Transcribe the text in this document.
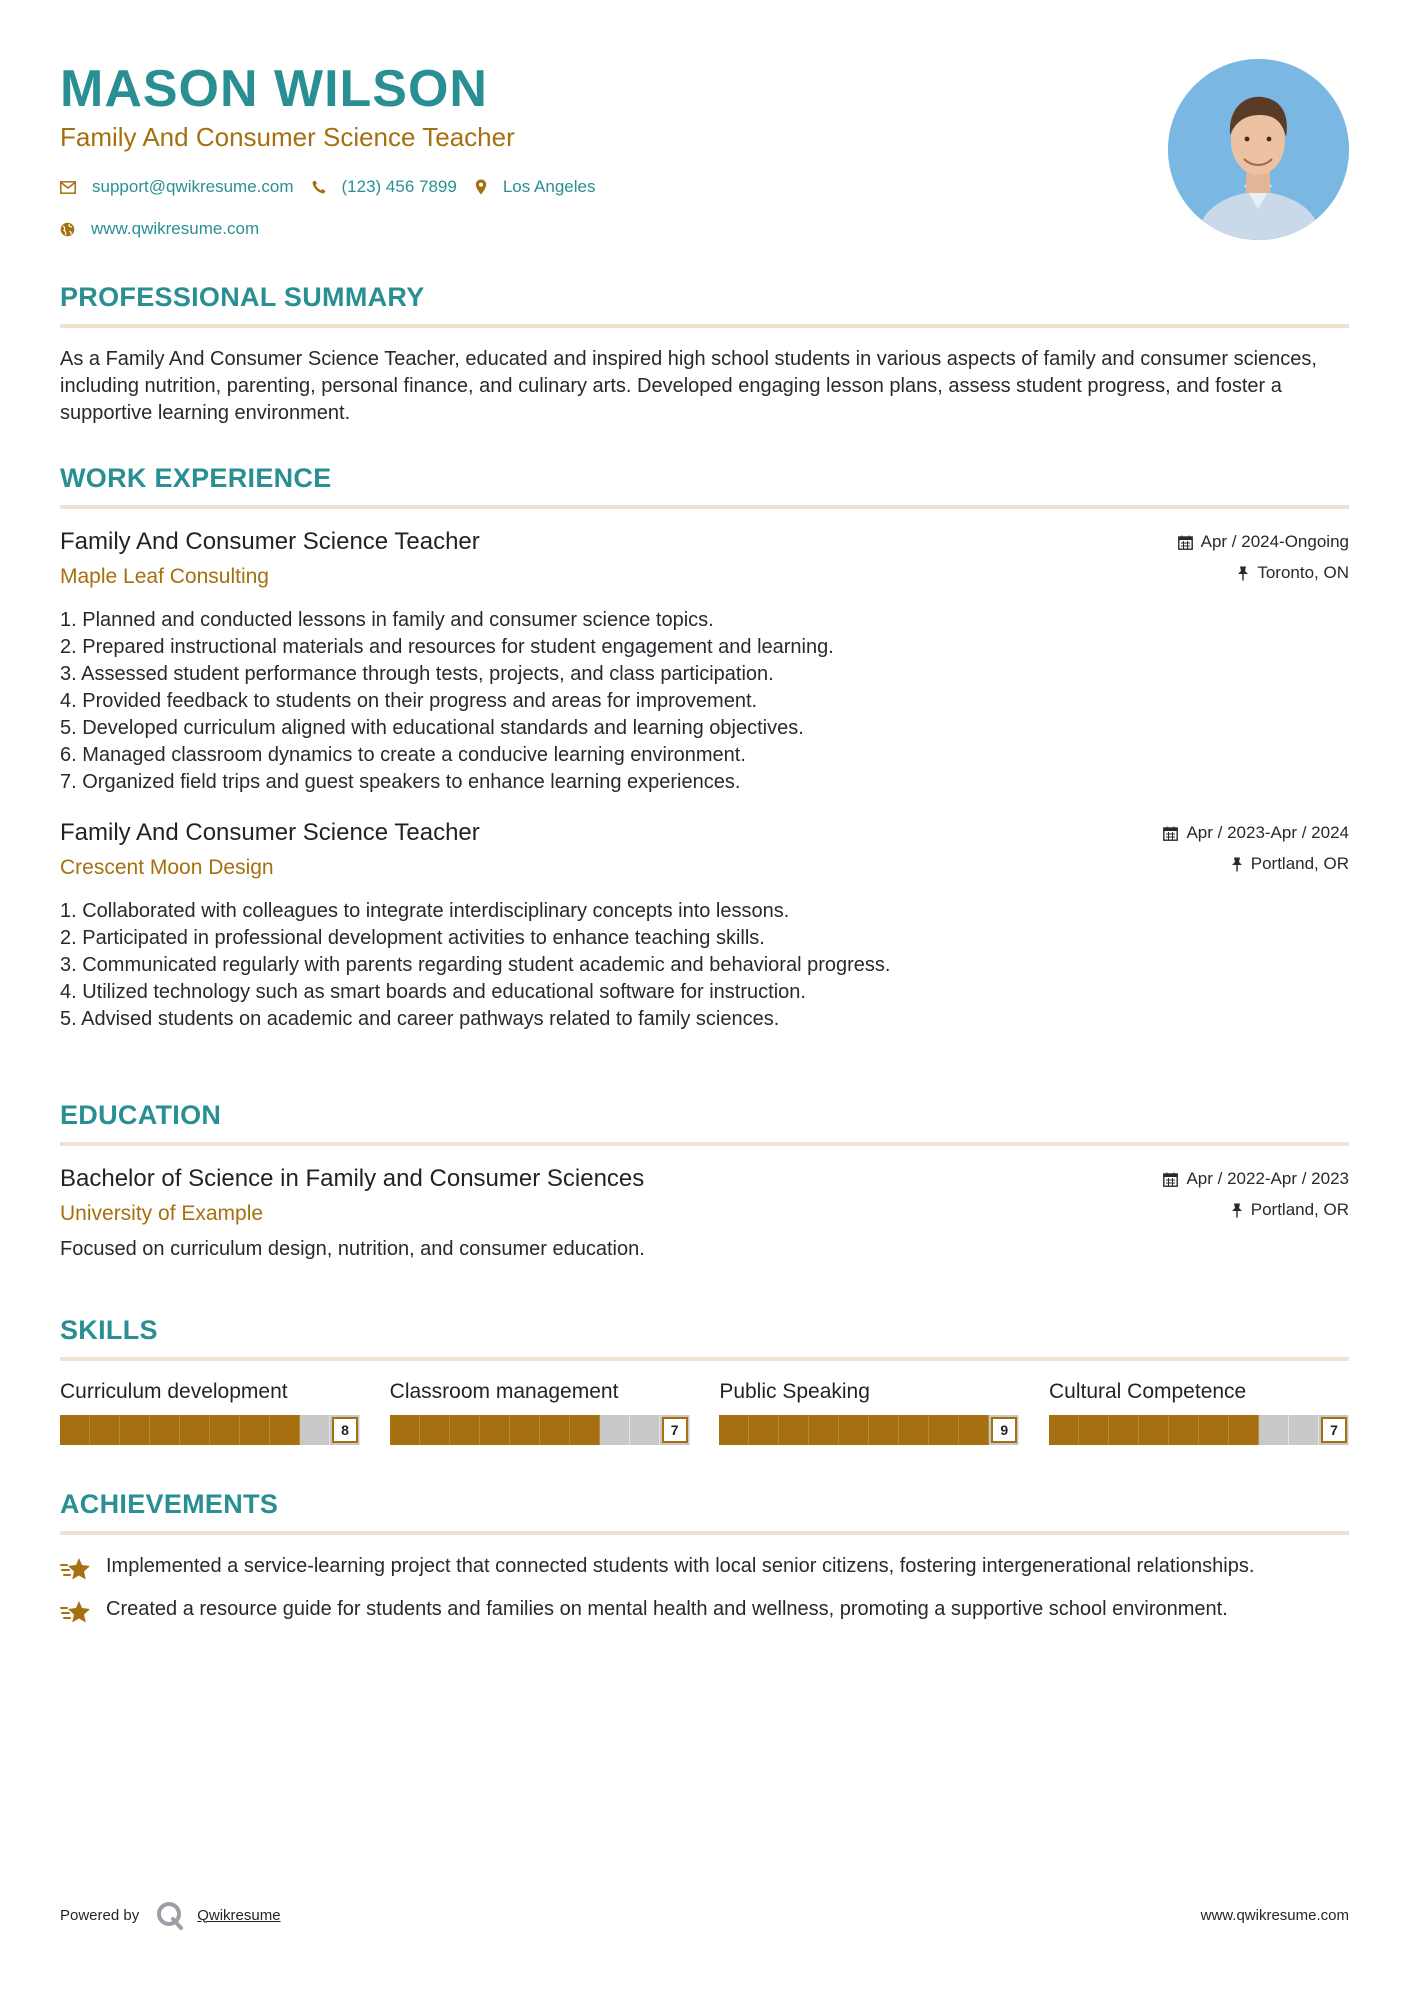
MASON WILSON
Family And Consumer Science Teacher
support@qwikresume.com	(123) 456 7899	Los Angeles
www.qwikresume.com
PROFESSIONAL SUMMARY
As a Family And Consumer Science Teacher, educated and inspired high school students in various aspects of family and consumer sciences, including nutrition, parenting, personal finance, and culinary arts. Developed engaging lesson plans, assess student progress, and foster a supportive learning environment.
WORK EXPERIENCE
Family And Consumer Science Teacher
Maple Leaf Consulting
Apr / 2024-Ongoing
Toronto, ON
1. Planned and conducted lessons in family and consumer science topics.
2. Prepared instructional materials and resources for student engagement and learning.
3. Assessed student performance through tests, projects, and class participation.
4. Provided feedback to students on their progress and areas for improvement.
5. Developed curriculum aligned with educational standards and learning objectives.
6. Managed classroom dynamics to create a conducive learning environment.
7. Organized field trips and guest speakers to enhance learning experiences.
Family And Consumer Science Teacher
Crescent Moon Design
Apr / 2023-Apr / 2024
Portland, OR
1. Collaborated with colleagues to integrate interdisciplinary concepts into lessons.
2. Participated in professional development activities to enhance teaching skills.
3. Communicated regularly with parents regarding student academic and behavioral progress.
4. Utilized technology such as smart boards and educational software for instruction.
5. Advised students on academic and career pathways related to family sciences.
EDUCATION
Bachelor of Science in Family and Consumer Sciences
University of Example
Apr / 2022-Apr / 2023
Portland, OR
Focused on curriculum design, nutrition, and consumer education.
SKILLS
Curriculum development
8
Classroom management
7
Public Speaking
9
Cultural Competence
7
ACHIEVEMENTS
Implemented a service-learning project that connected students with local senior citizens, fostering intergenerational relationships.
Created a resource guide for students and families on mental health and wellness, promoting a supportive school environment.
Powered by	Qwikresume	www.qwikresume.com
